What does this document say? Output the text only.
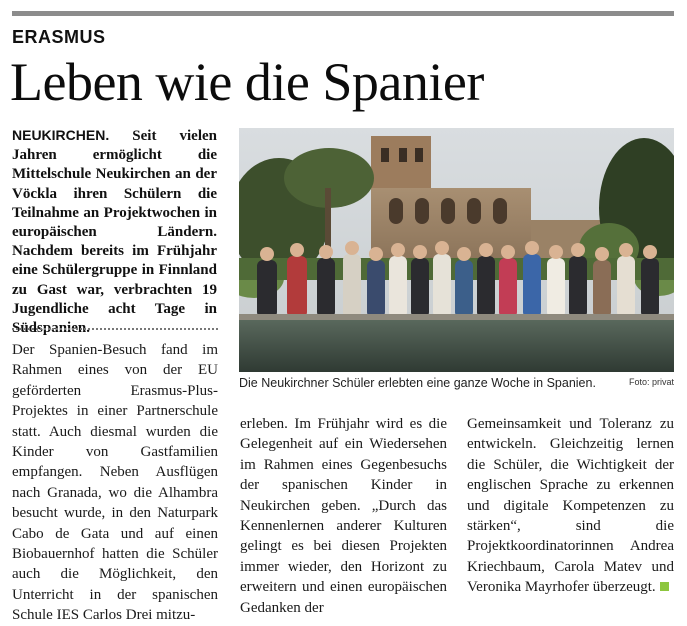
ERASMUS
Leben wie die Spanier
NEUKIRCHEN. Seit vielen Jahren ermöglicht die Mittelschule Neukirchen an der Vöckla ihren Schülern die Teilnahme an Projektwochen in europäischen Ländern. Nachdem bereits im Frühjahr eine Schülergruppe in Finnland zu Gast war, verbrachten 19 Jugendliche acht Tage in Südspanien.
Der Spanien-Besuch fand im Rahmen eines von der EU geförderten Erasmus-Plus-Projektes in einer Partnerschule statt. Auch diesmal wurden die Kinder von Gastfamilien empfangen. Neben Ausflügen nach Granada, wo die Alhambra besucht wurde, in den Naturpark Cabo de Gata und auf einen Biobauernhof hatten die Schüler auch die Möglichkeit, den Unterricht in der spanischen Schule IES Carlos Drei mitzu-
Die Neukirchner Schüler erlebten eine ganze Woche in Spanien.	Foto: privat
erleben. Im Frühjahr wird es die Gelegenheit auf ein Wiedersehen im Rahmen eines Gegenbesuchs der spanischen Kinder in Neukirchen geben. „Durch das Kennenlernen anderer Kulturen gelingt es bei diesen Projekten immer wieder, den Horizont zu erweitern und einen europäischen Gedanken der
Gemeinsamkeit und Toleranz zu entwickeln. Gleichzeitig lernen die Schüler, die Wichtigkeit der englischen Sprache zu erkennen und digitale Kompetenzen zu stärken“, sind die Projektkoordinatorinnen Andrea Kriechbaum, Carola Matev und Veronika Mayrhofer überzeugt.
